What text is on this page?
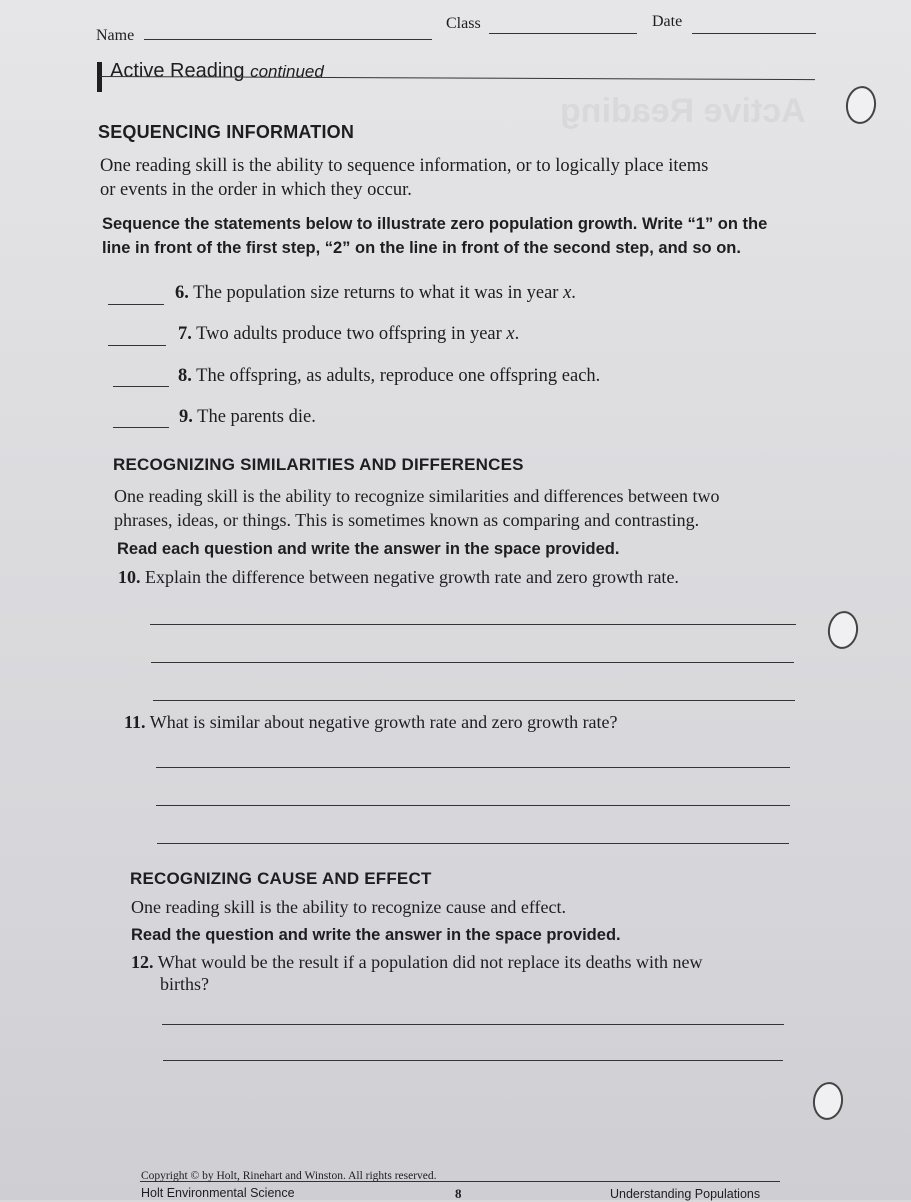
Active Reading
Name
Class	Date
Active Reading continued
SEQUENCING INFORMATION
One reading skill is the ability to sequence information, or to logically place items
or events in the order in which they occur.
Sequence the statements below to illustrate zero population growth. Write “1” on the
line in front of the first step, “2” on the line in front of the second step, and so on.
6. The population size returns to what it was in year x.
7. Two adults produce two offspring in year x.
8. The offspring, as adults, reproduce one offspring each.
9. The parents die.
RECOGNIZING SIMILARITIES AND DIFFERENCES
One reading skill is the ability to recognize similarities and differences between two
phrases, ideas, or things. This is sometimes known as comparing and contrasting.
Read each question and write the answer in the space provided.
10. Explain the difference between negative growth rate and zero growth rate.
11. What is similar about negative growth rate and zero growth rate?
RECOGNIZING CAUSE AND EFFECT
One reading skill is the ability to recognize cause and effect.
Read the question and write the answer in the space provided.
12. What would be the result if a population did not replace its deaths with new
births?
Copyright © by Holt, Rinehart and Winston. All rights reserved.
Holt Environmental Science	8	Understanding Populations
